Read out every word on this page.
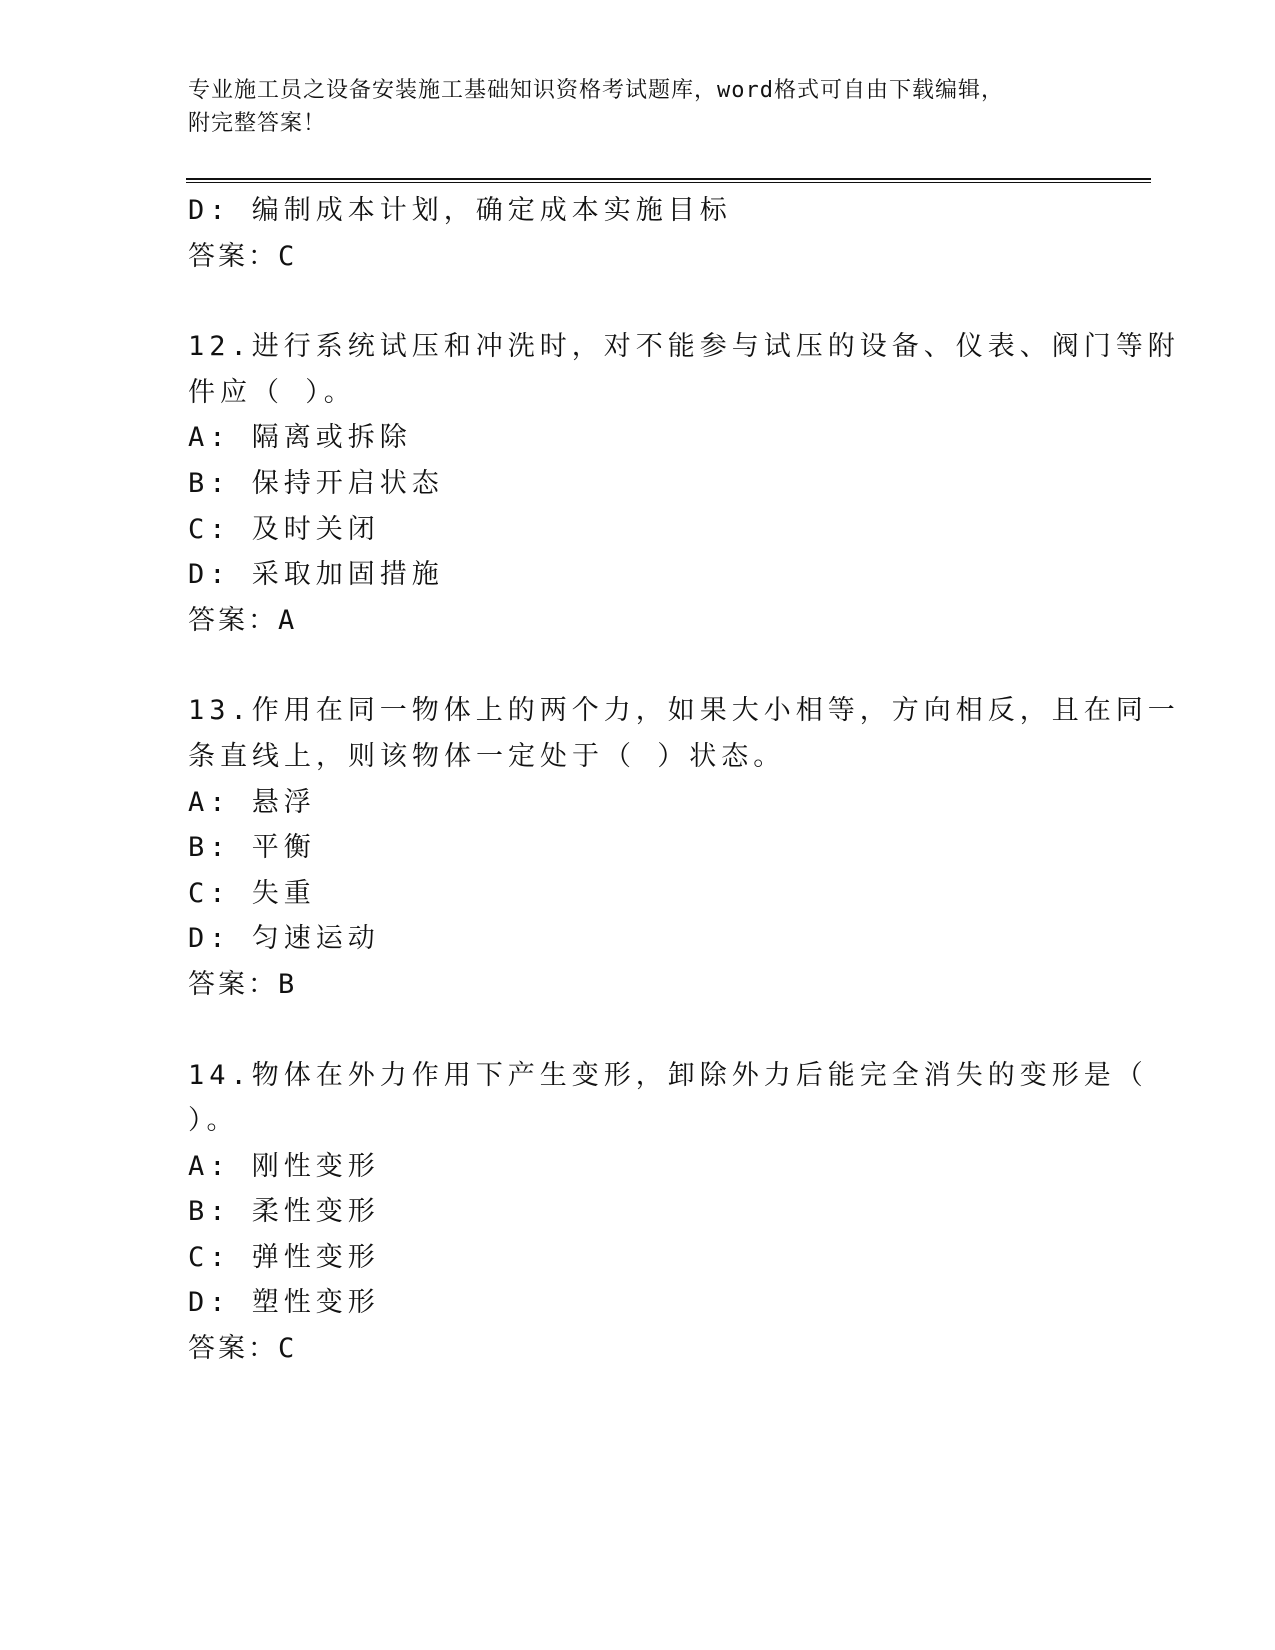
专业施工员之设备安装施工基础知识资格考试题库，word格式可自由下载编辑，
附完整答案！
D: 编制成本计划，确定成本实施目标
答案：C
12.进行系统试压和冲洗时，对不能参与试压的设备、仪表、阀门等附
件应（ ）。
A: 隔离或拆除
B: 保持开启状态
C: 及时关闭
D: 采取加固措施
答案：A
13.作用在同一物体上的两个力，如果大小相等，方向相反，且在同一
条直线上，则该物体一定处于（ ）状态。
A: 悬浮
B: 平衡
C: 失重
D: 匀速运动
答案：B
14.物体在外力作用下产生变形，卸除外力后能完全消失的变形是（
）。
A: 刚性变形
B: 柔性变形
C: 弹性变形
D: 塑性变形
答案：C
